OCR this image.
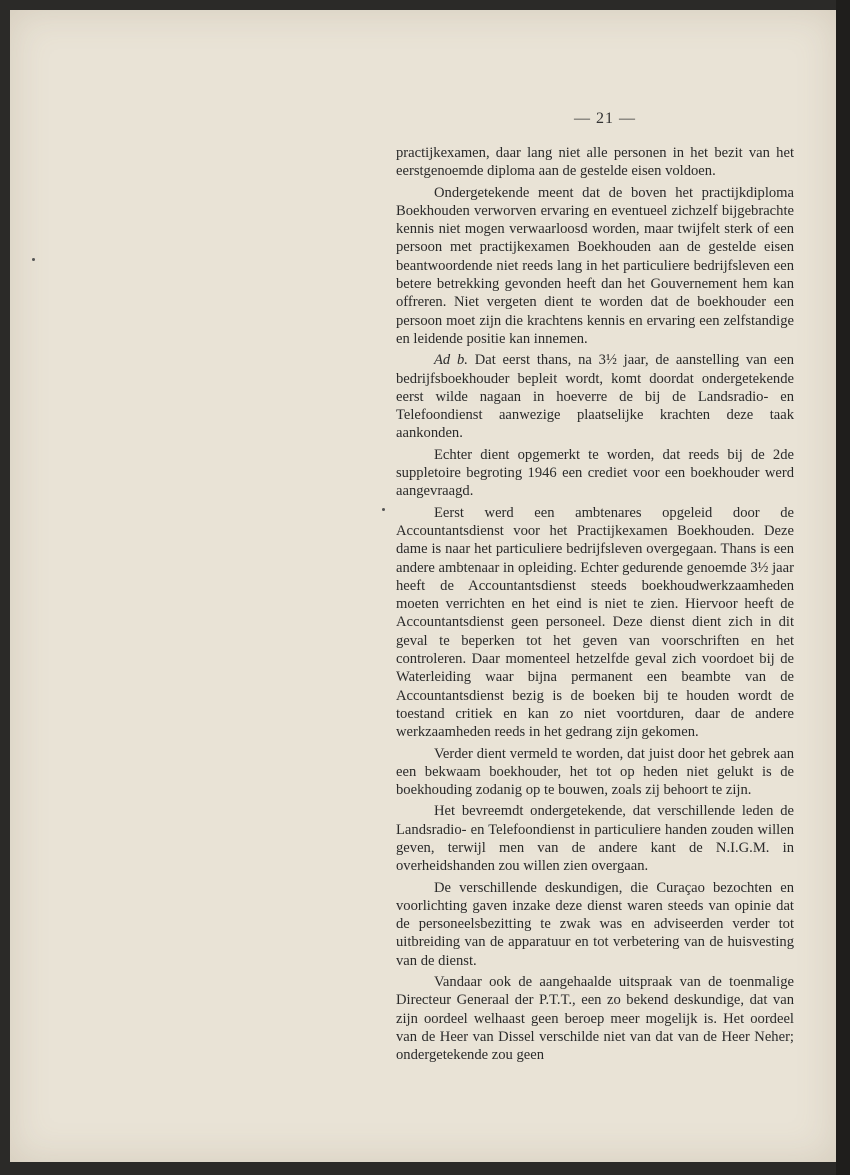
— 21 —

practijkexamen, daar lang niet alle personen in het bezit van het eerstgenoemde diploma aan de gestelde eisen voldoen.

Ondergetekende meent dat de boven het practijkdiploma Boekhouden verworven ervaring en eventueel zichzelf bijgebrachte kennis niet mogen verwaarloosd worden, maar twijfelt sterk of een persoon met practijkexamen Boekhouden aan de gestelde eisen beantwoordende niet reeds lang in het particuliere bedrijfsleven een betere betrekking gevonden heeft dan het Gouvernement hem kan offreren. Niet vergeten dient te worden dat de boekhouder een persoon moet zijn die krachtens kennis en ervaring een zelfstandige en leidende positie kan innemen.

Ad b. Dat eerst thans, na 3½ jaar, de aanstelling van een bedrijfsboekhouder bepleit wordt, komt doordat ondergetekende eerst wilde nagaan in hoeverre de bij de Landsradio- en Telefoondienst aanwezige plaatselijke krachten deze taak aankonden.

Echter dient opgemerkt te worden, dat reeds bij de 2de suppletoire begroting 1946 een crediet voor een boekhouder werd aangevraagd.

Eerst werd een ambtenares opgeleid door de Accountantsdienst voor het Practijkexamen Boekhouden. Deze dame is naar het particuliere bedrijfsleven overgegaan. Thans is een andere ambtenaar in opleiding. Echter gedurende genoemde 3½ jaar heeft de Accountantsdienst steeds boekhoudwerkzaamheden moeten verrichten en het eind is niet te zien. Hiervoor heeft de Accountantsdienst geen personeel. Deze dienst dient zich in dit geval te beperken tot het geven van voorschriften en het controleren. Daar momenteel hetzelfde geval zich voordoet bij de Waterleiding waar bijna permanent een beambte van de Accountantsdienst bezig is de boeken bij te houden wordt de toestand critiek en kan zo niet voortduren, daar de andere werkzaamheden reeds in het gedrang zijn gekomen.

Verder dient vermeld te worden, dat juist door het gebrek aan een bekwaam boekhouder, het tot op heden niet gelukt is de boekhouding zodanig op te bouwen, zoals zij behoort te zijn.

Het bevreemdt ondergetekende, dat verschillende leden de Landsradio- en Telefoondienst in particuliere handen zouden willen geven, terwijl men van de andere kant de N.I.G.M. in overheidshanden zou willen zien overgaan.

De verschillende deskundigen, die Curaçao bezochten en voorlichting gaven inzake deze dienst waren steeds van opinie dat de personeelsbezitting te zwak was en adviseerden verder tot uitbreiding van de apparatuur en tot verbetering van de huisvesting van de dienst.

Vandaar ook de aangehaalde uitspraak van de toenmalige Directeur Generaal der P.T.T., een zo bekend deskundige, dat van zijn oordeel welhaast geen beroep meer mogelijk is. Het oordeel van de Heer van Dissel verschilde niet van dat van de Heer Neher; ondergetekende zou geen
